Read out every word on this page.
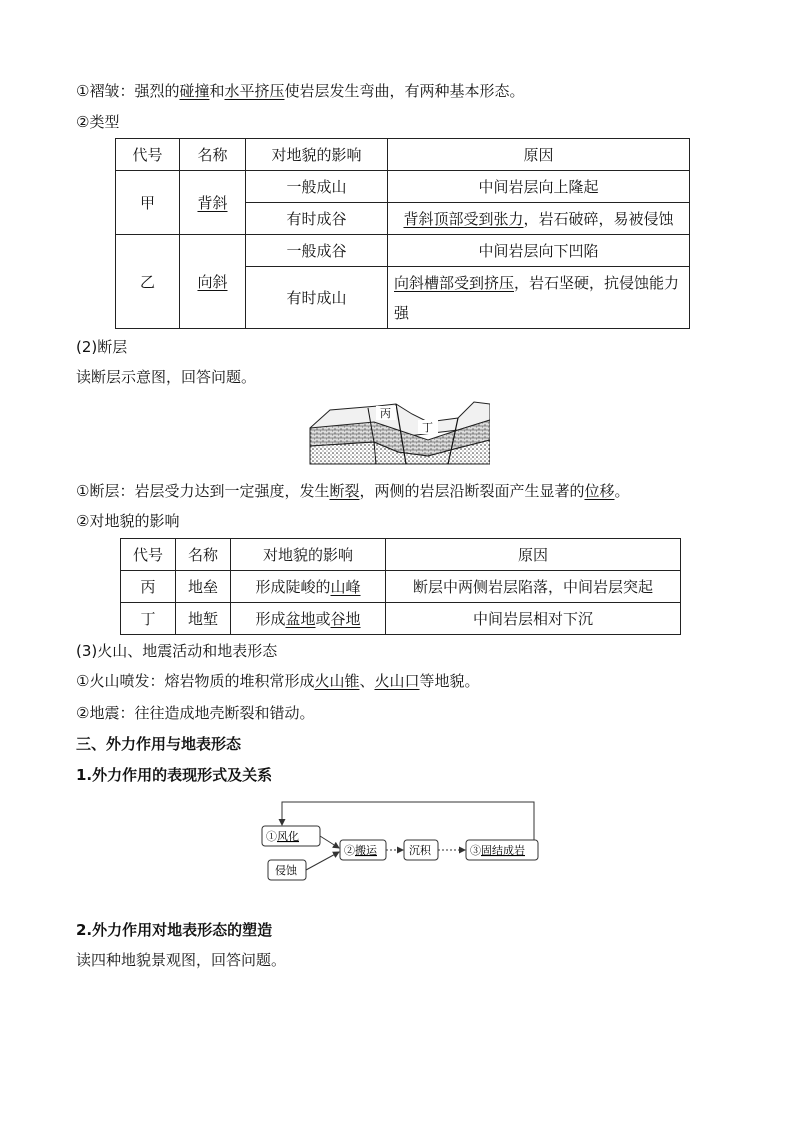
①褶皱：强烈的碰撞和水平挤压使岩层发生弯曲，有两种基本形态。
②类型
代号	名称	对地貌的影响	原因
甲	背斜	一般成山	中间岩层向上隆起
		有时成谷	背斜顶部受到张力，岩石破碎，易被侵蚀
乙	向斜	一般成谷	中间岩层向下凹陷
		有时成山	向斜槽部受到挤压，岩石坚硬，抗侵蚀能力强
(2)断层
读断层示意图，回答问题。
丙
丁
①断层：岩层受力达到一定强度，发生断裂，两侧的岩层沿断裂面产生显著的位移。
②对地貌的影响
代号	名称	对地貌的影响	原因
丙	地垒	形成陡峻的山峰	断层中两侧岩层陷落，中间岩层突起
丁	地堑	形成盆地或谷地	中间岩层相对下沉
(3)火山、地震活动和地表形态
①火山喷发：熔岩物质的堆积常形成火山锥、火山口等地貌。
②地震：往往造成地壳断裂和错动。
三、外力作用与地表形态
1.外力作用的表现形式及关系
①风化
侵蚀
②搬运	沉积	③固结成岩
2.外力作用对地表形态的塑造
读四种地貌景观图，回答问题。
